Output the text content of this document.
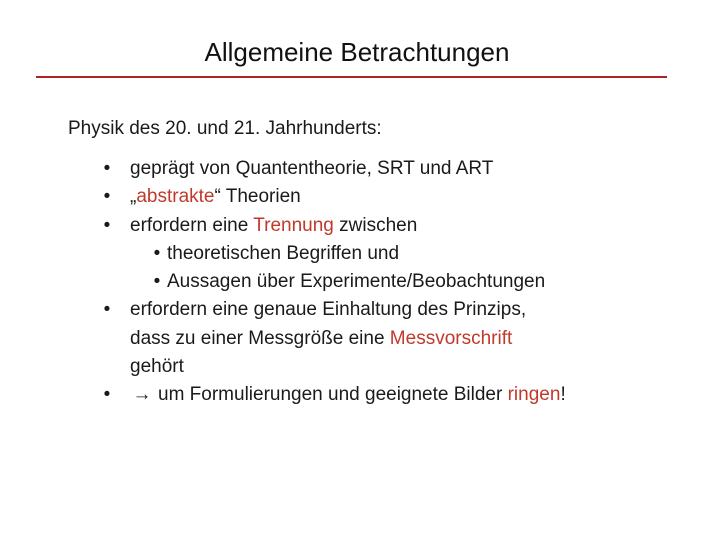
Allgemeine Betrachtungen
Physik des 20. und 21. Jahrhunderts:
•	geprägt von Quantentheorie, SRT und ART
•	„abstrakte“ Theorien
•	erfordern eine Trennung zwischen
• theoretischen Begriffen und
• Aussagen über Experimente/Beobachtungen
•	erfordern eine genaue Einhaltung des Prinzips,
dass zu einer Messgröße eine Messvorschrift
gehört
•	→ um Formulierungen und geeignete Bilder ringen!
